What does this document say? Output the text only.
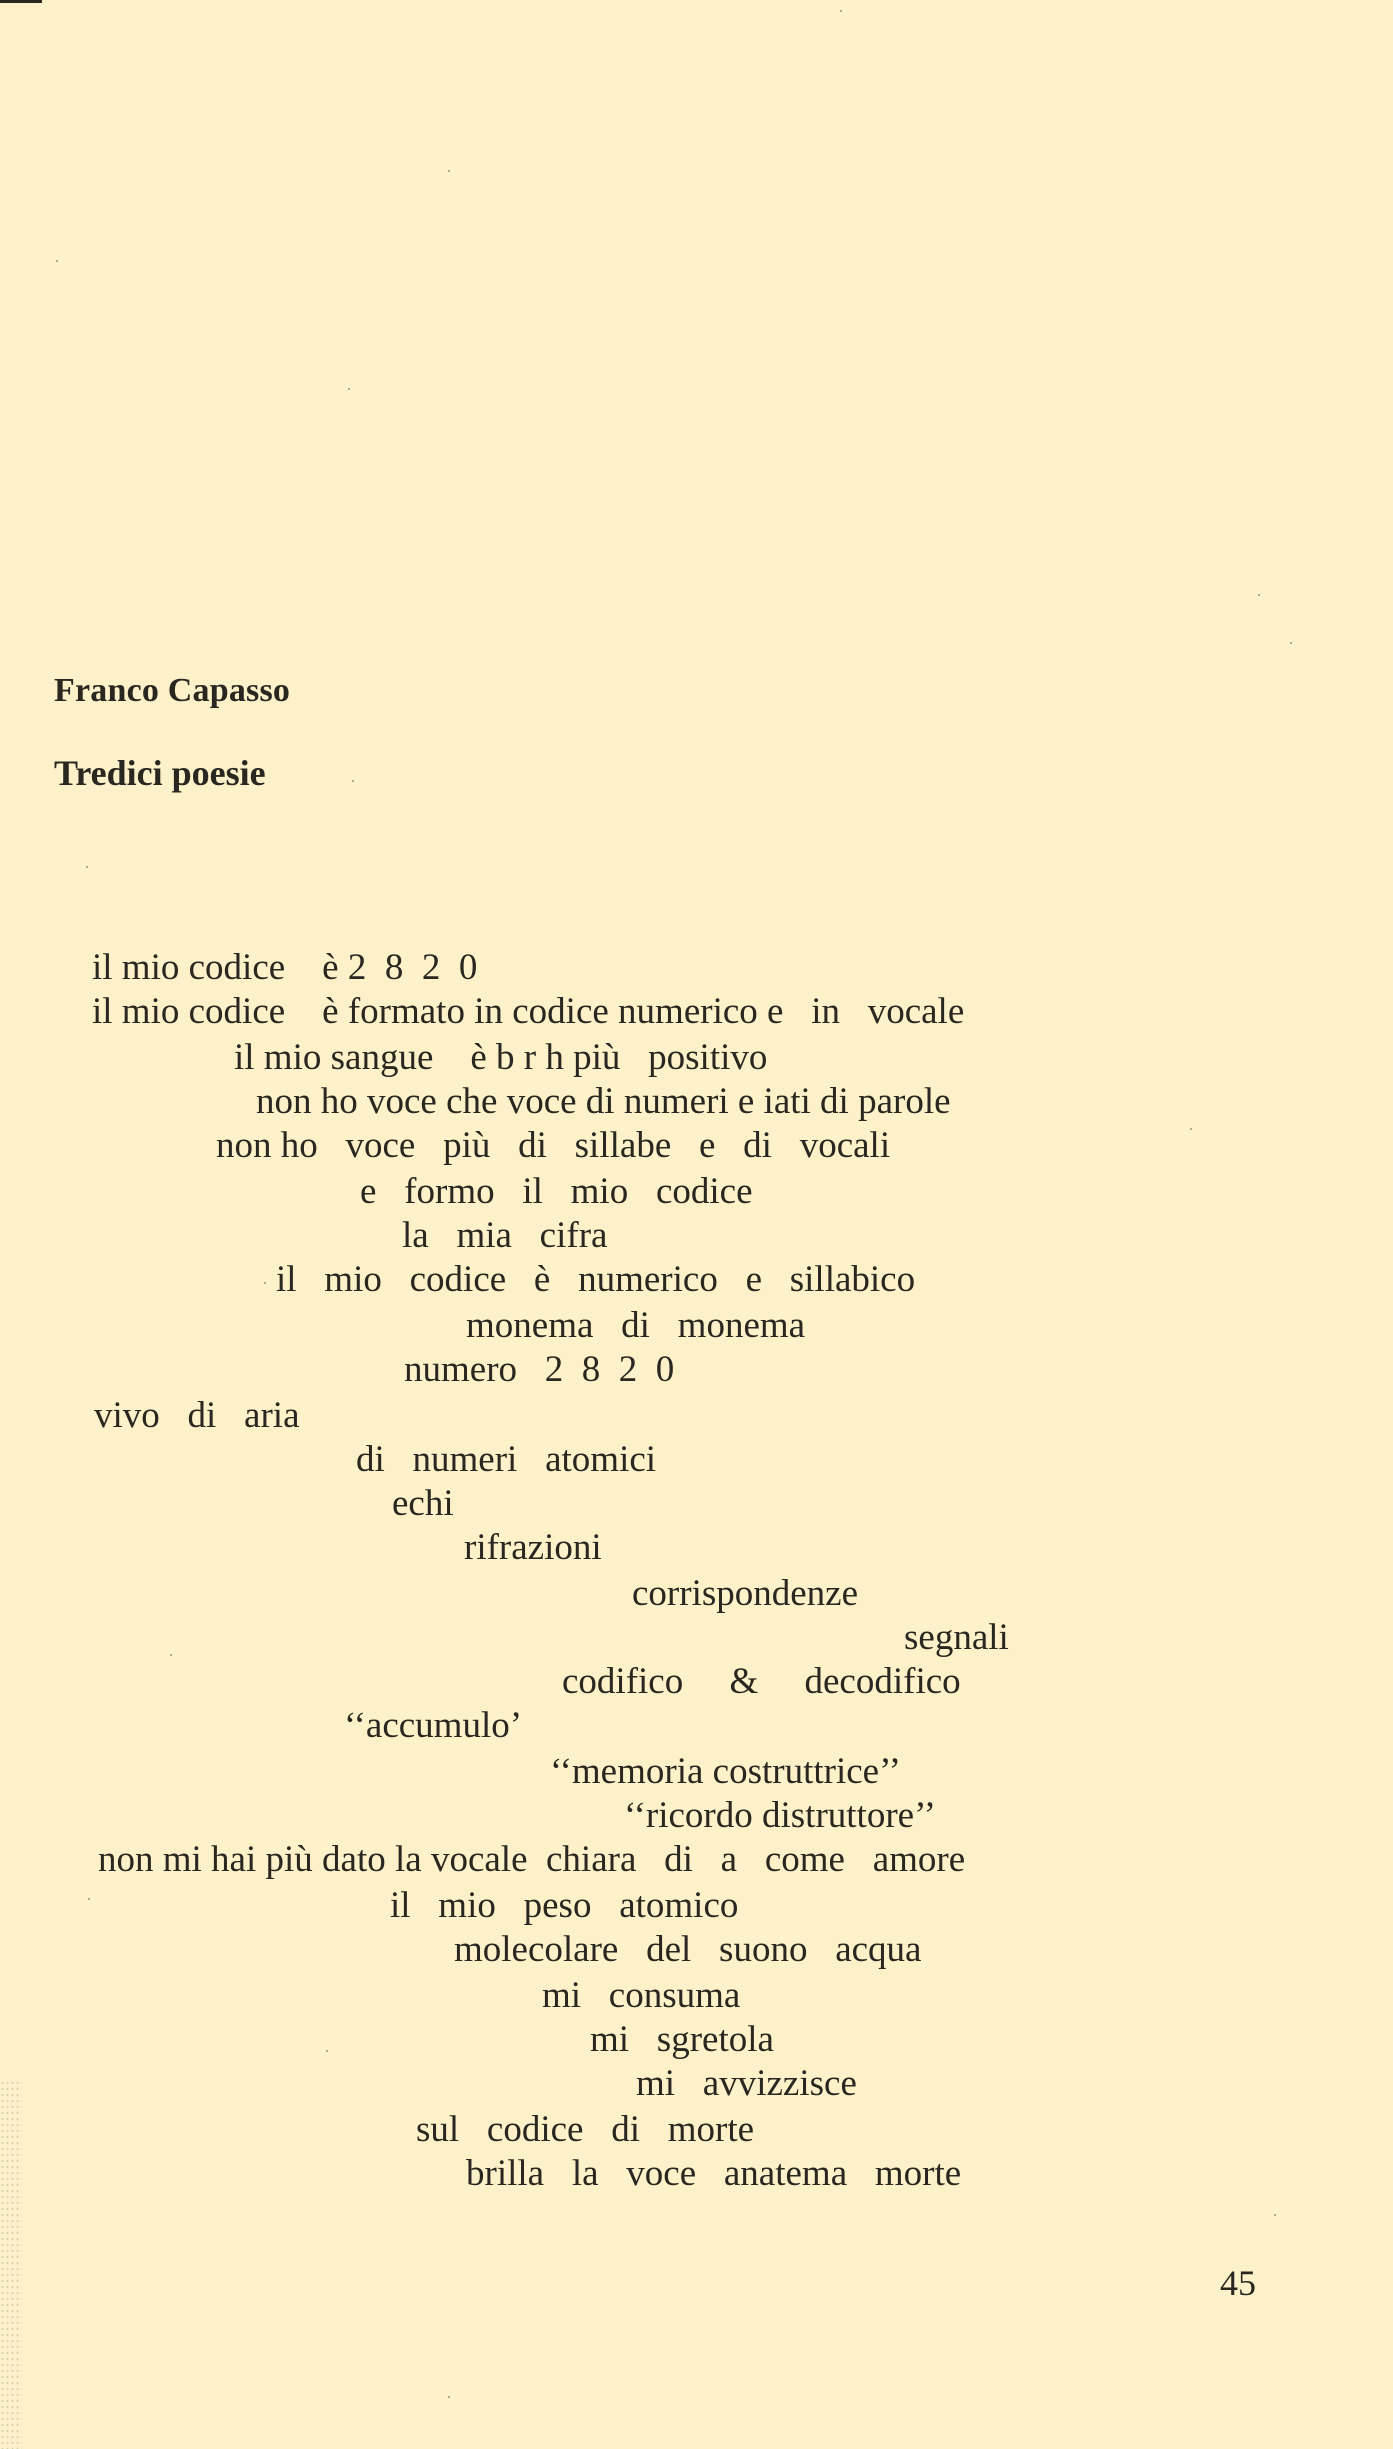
Franco Capasso
Tredici poesie
il mio codice    è 2  8  2  0
il mio codice    è formato in codice numerico e   in   vocale
il mio sangue    è b r h più   positivo
non ho voce che voce di numeri e iati di parole
non ho   voce   più   di   sillabe   e   di   vocali
e   formo   il   mio   codice
la   mia   cifra
il   mio   codice   è   numerico   e   sillabico
monema   di   monema
numero   2  8  2  0
vivo   di   aria
di   numeri   atomici
echi
rifrazioni
corrispondenze
segnali
codifico     &     decodifico
‘‘accumulo’
‘‘memoria costruttrice’’
‘‘ricordo distruttore’’
non mi hai più dato la vocale  chiara   di   a   come   amore
il   mio   peso   atomico
molecolare   del   suono   acqua
mi   consuma
mi   sgretola
mi   avvizzisce
sul   codice   di   morte
brilla   la   voce   anatema   morte
45
